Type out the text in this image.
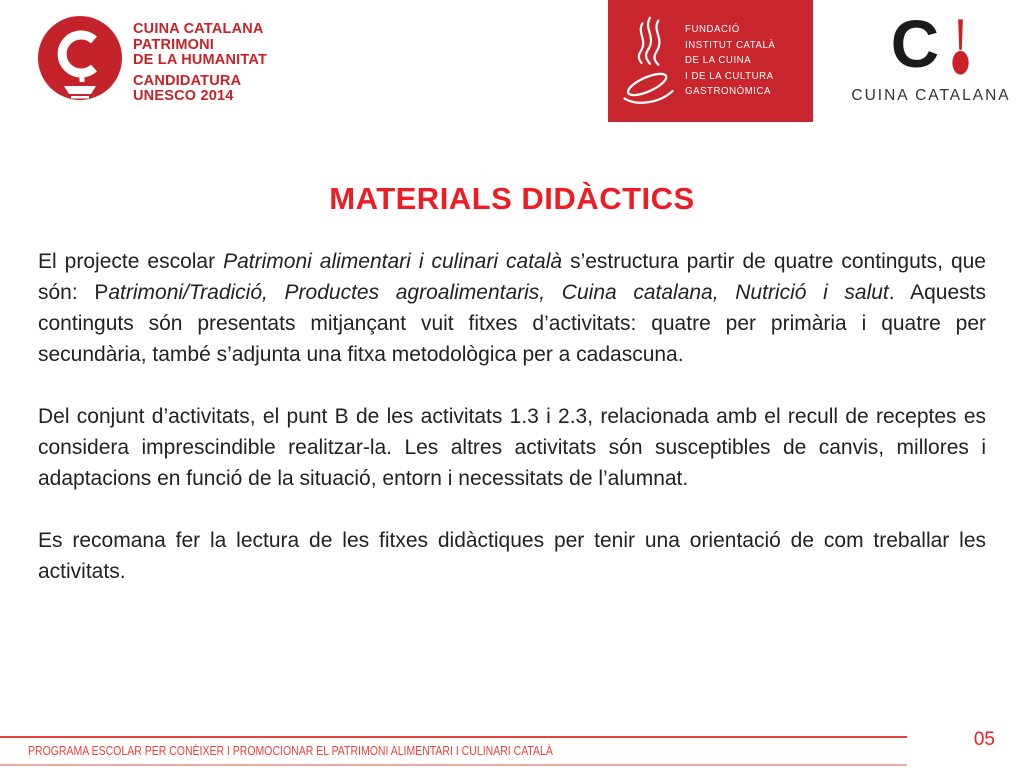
CUINA CATALANA
PATRIMONI
DE LA HUMANITAT
CANDIDATURA
UNESCO 2014
FUNDACIÓ
INSTITUT CATALÀ
DE LA CUINA
I DE LA CULTURA
GASTRONÒMICA
C
CUINA CATALANA
MATERIALS DIDÀCTICS

El projecte escolar Patrimoni alimentari i culinari català s’estructura partir de quatre continguts, que són: Patrimoni/Tradició, Productes agroalimentaris, Cuina catalana, Nutrició i salut. Aquests continguts són presentats mitjançant vuit fitxes d’activitats: quatre per primària i quatre per secundària, també s’adjunta una fitxa metodològica per a cadascuna.

Del conjunt d’activitats, el punt B de les activitats 1.3 i 2.3, relacionada amb el recull de receptes es considera imprescindible realitzar-la. Les altres activitats són susceptibles de canvis, millores i adaptacions en funció de la situació, entorn i necessitats de l’alumnat.

Es recomana fer la lectura de les fitxes didàctiques per tenir una orientació de com treballar les activitats.

PROGRAMA ESCOLAR PER CONÈIXER I PROMOCIONAR EL PATRIMONI ALIMENTARI I CULINARI CATALÀ
05
